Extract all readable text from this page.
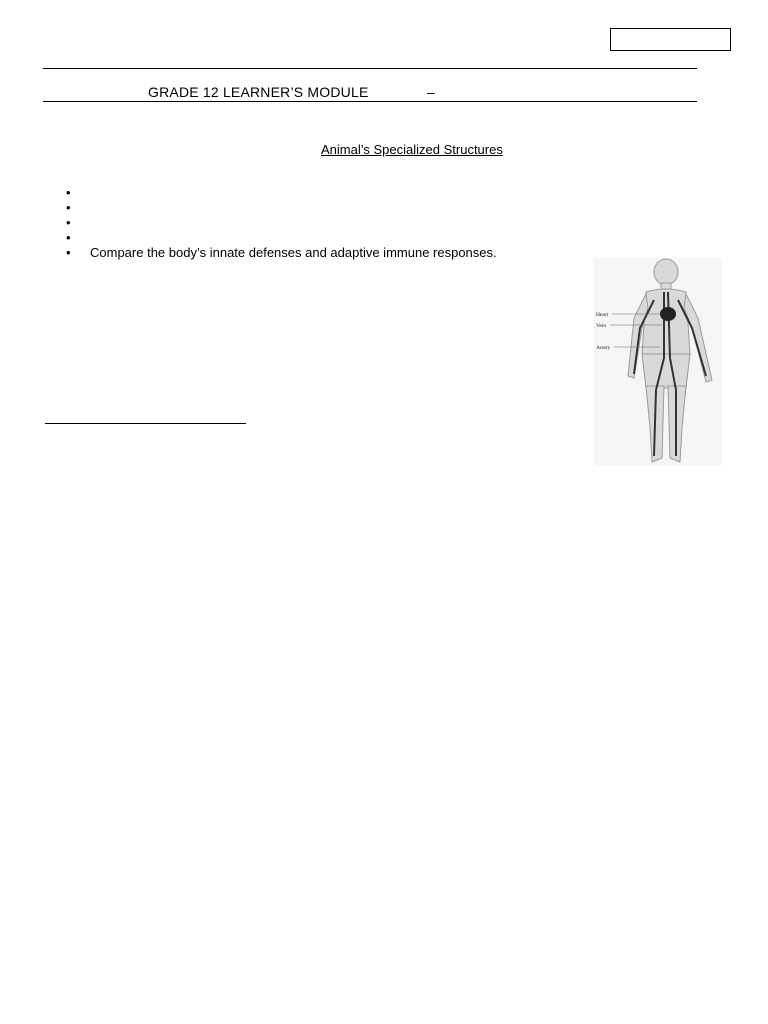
GRADE 12 LEARNER’S MODULE	–
Animal’s Specialized Structures
•
•
•
•
• Compare the body’s innate defenses and adaptive immune responses.
Heart
Vein
Artery
